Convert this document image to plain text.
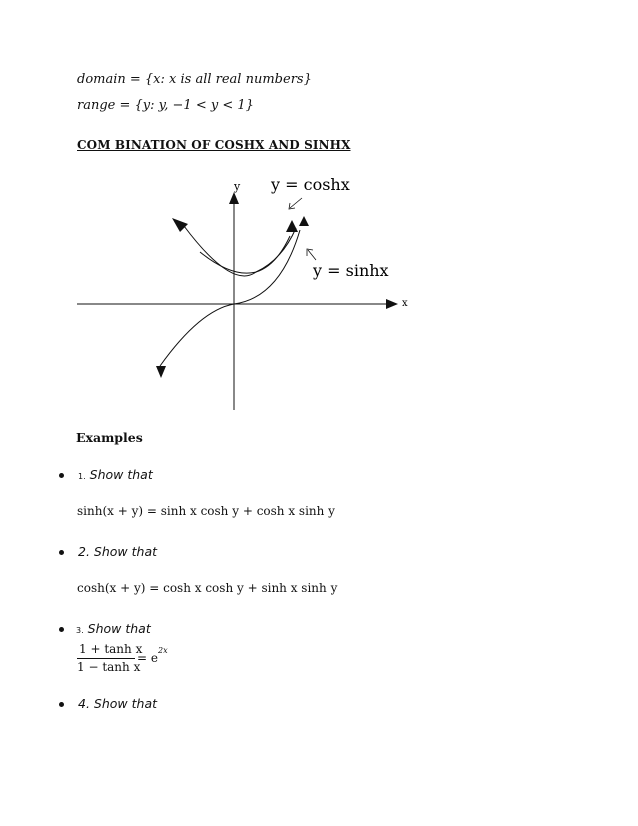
domain = {x: x is all real numbers}
range = {y: y, −1 < y < 1}
COM BINATION OF COSHX AND SINHX
y
x
y = coshx
y = sinhx
Examples
1. Show that
sinh(x + y) = sinh x cosh y + cosh x sinh y
2. Show that
cosh(x + y) = cosh x cosh y + sinh x sinh y
3. Show that
1 + tanh x
1 − tanh x
= e
2x
4. Show that
